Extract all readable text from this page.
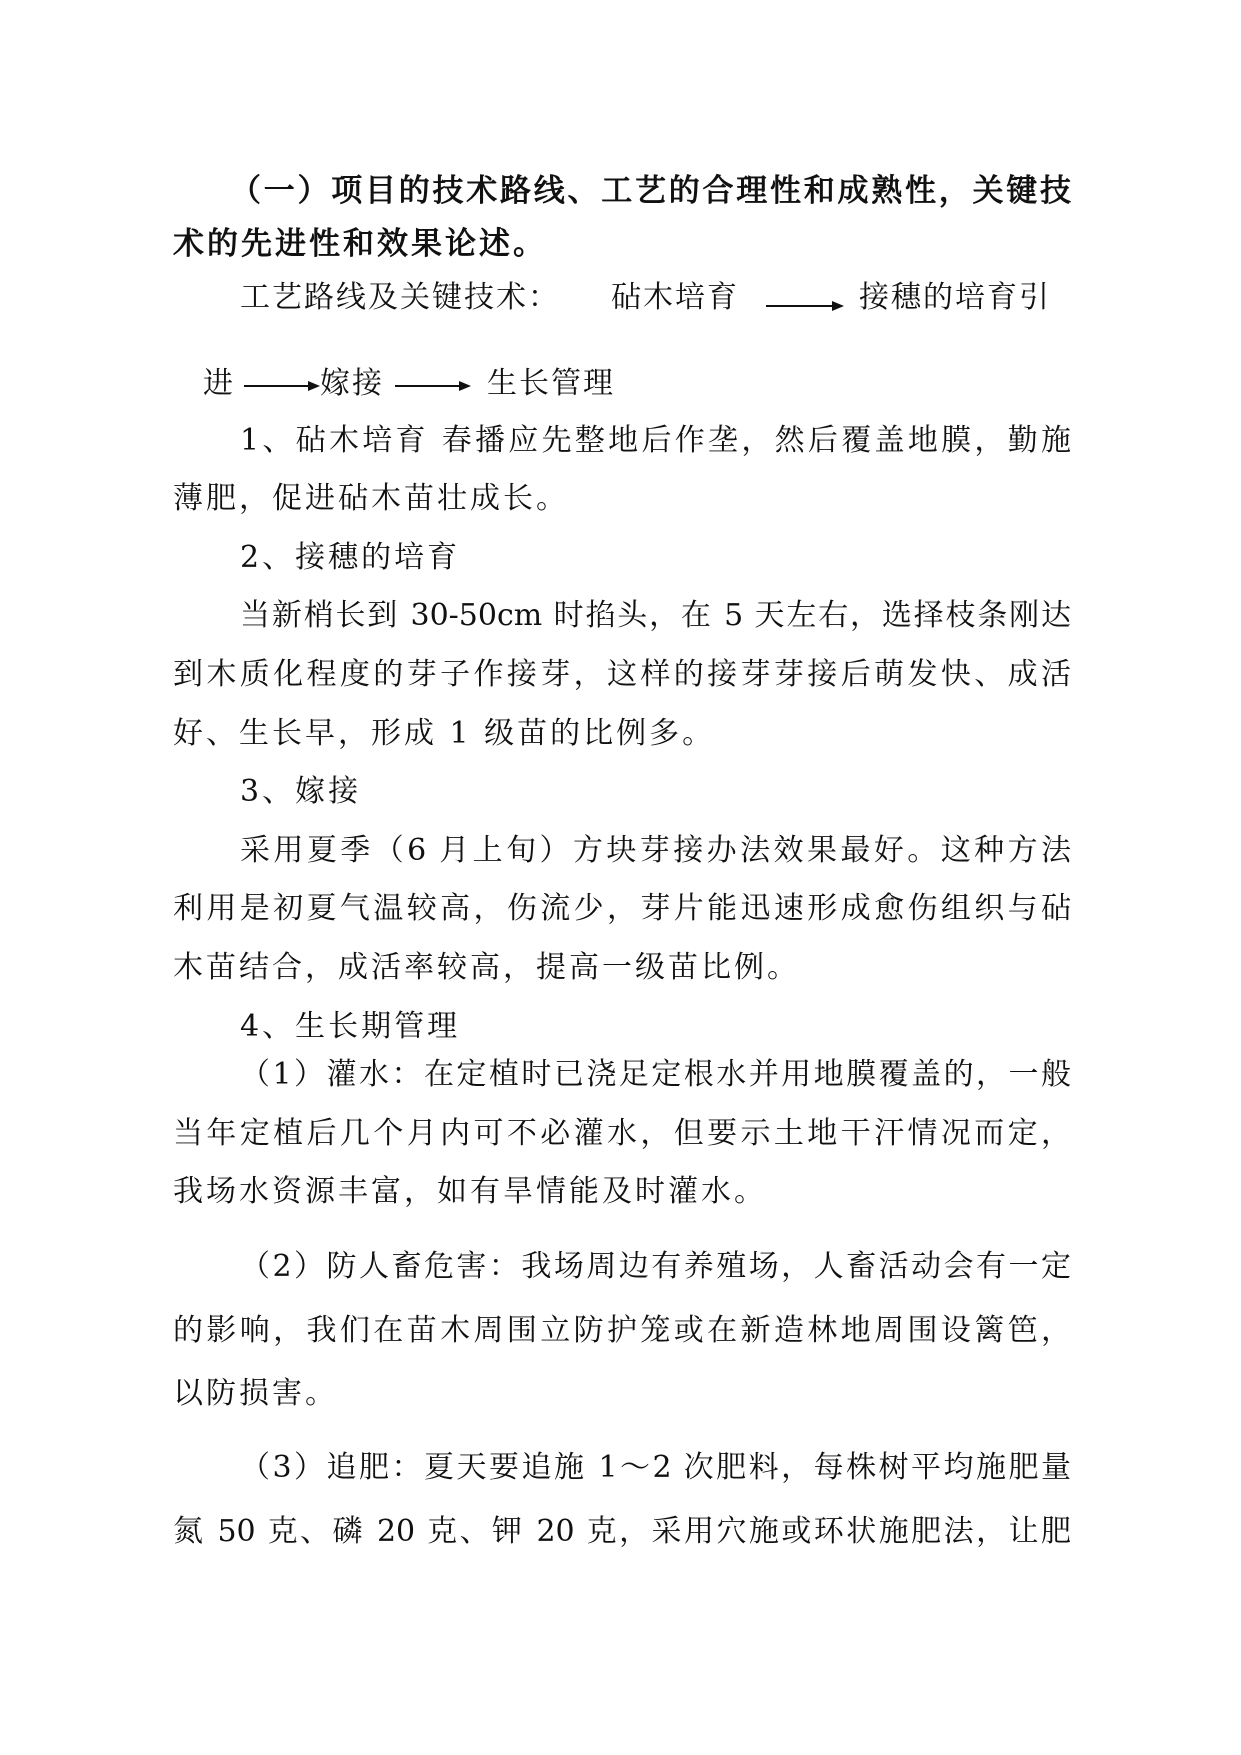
（一）项目的技术路线、工艺的合理性和成熟性，关键技
术的先进性和效果论述。
工艺路线及关键技术： 砧木培育	接穗的培育引
进	嫁接	生长管理
1、砧木培育 春播应先整地后作垄，然后覆盖地膜，勤施
薄肥，促进砧木苗壮成长。
2、接穗的培育
当新梢长到 30-50cm 时掐头，在 5 天左右，选择枝条刚达
到木质化程度的芽子作接芽，这样的接芽芽接后萌发快、成活
好、生长早，形成 1 级苗的比例多。
3、嫁接
采用夏季（6 月上旬）方块芽接办法效果最好。这种方法
利用是初夏气温较高，伤流少，芽片能迅速形成愈伤组织与砧
木苗结合，成活率较高，提高一级苗比例。
4、生长期管理
（1）灌水：在定植时已浇足定根水并用地膜覆盖的，一般
当年定植后几个月内可不必灌水，但要示土地干汗情况而定，
我场水资源丰富，如有旱情能及时灌水。
（2）防人畜危害：我场周边有养殖场，人畜活动会有一定
的影响，我们在苗木周围立防护笼或在新造林地周围设篱笆，
以防损害。
（3）追肥：夏天要追施 1～2 次肥料，每株树平均施肥量
氮 50 克、磷 20 克、钾 20 克，采用穴施或环状施肥法，让肥
